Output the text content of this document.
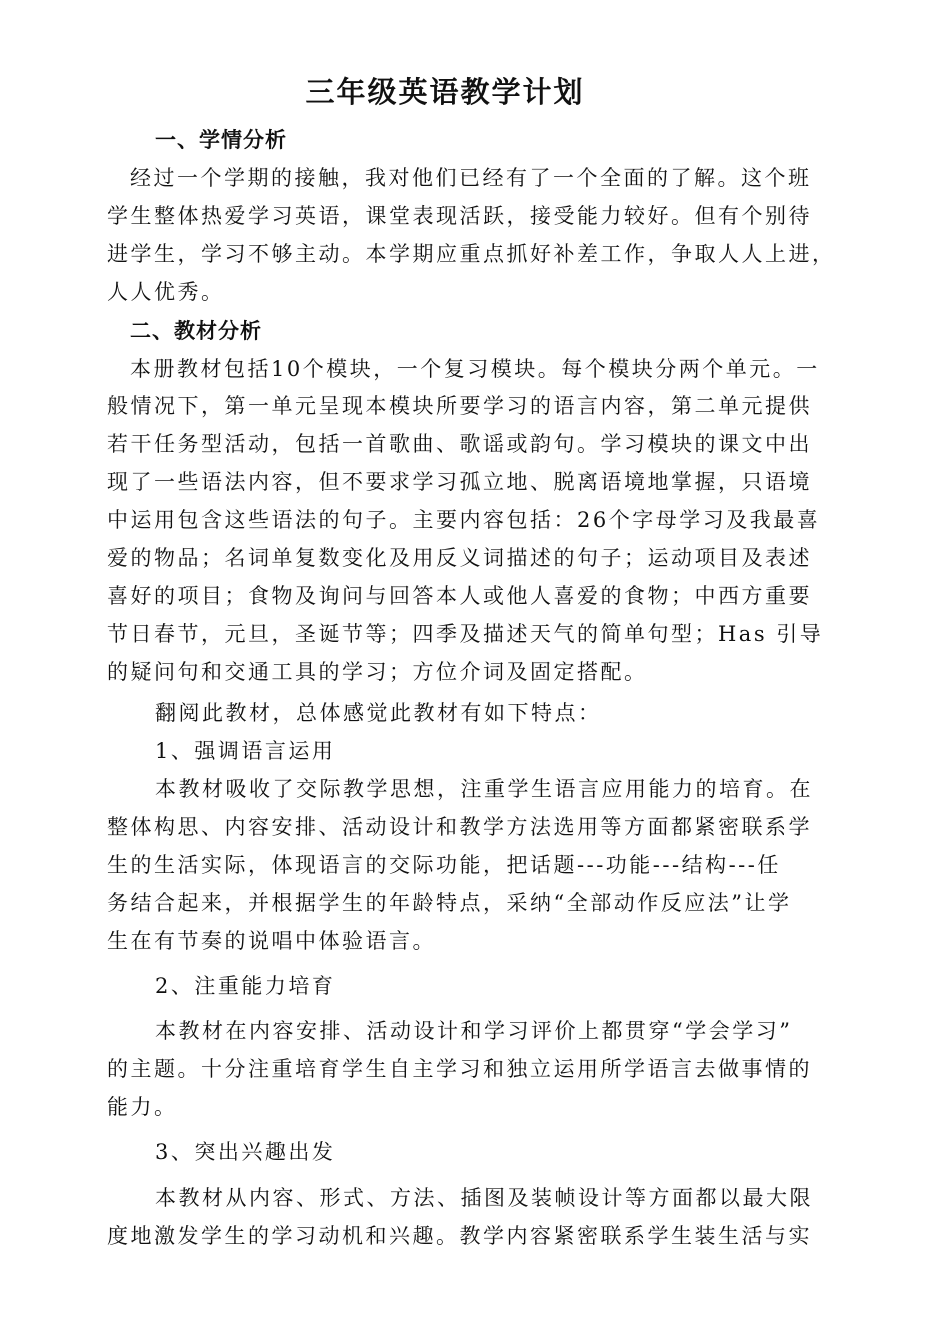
三年级英语教学计划
一、学情分析
经过一个学期的接触，我对他们已经有了一个全面的了解。这个班
学生整体热爱学习英语，课堂表现活跃，接受能力较好。但有个别待
进学生，学习不够主动。本学期应重点抓好补差工作，争取人人上进，
人人优秀。
二、教材分析
本册教材包括10个模块，一个复习模块。每个模块分两个单元。一
般情况下，第一单元呈现本模块所要学习的语言内容，第二单元提供
若干任务型活动，包括一首歌曲、歌谣或韵句。学习模块的课文中出
现了一些语法内容，但不要求学习孤立地、脱离语境地掌握，只语境
中运用包含这些语法的句子。主要内容包括：26个字母学习及我最喜
爱的物品；名词单复数变化及用反义词描述的句子；运动项目及表述
喜好的项目；食物及询问与回答本人或他人喜爱的食物；中西方重要
节日春节，元旦，圣诞节等；四季及描述天气的简单句型；Has 引导
的疑问句和交通工具的学习；方位介词及固定搭配。
翻阅此教材，总体感觉此教材有如下特点：
1、强调语言运用
本教材吸收了交际教学思想，注重学生语言应用能力的培育。在
整体构思、内容安排、活动设计和教学方法选用等方面都紧密联系学
生的生活实际，体现语言的交际功能，把话题---功能---结构---任
务结合起来，并根据学生的年龄特点，采纳“全部动作反应法”让学
生在有节奏的说唱中体验语言。
2、注重能力培育
本教材在内容安排、活动设计和学习评价上都贯穿“学会学习”
的主题。十分注重培育学生自主学习和独立运用所学语言去做事情的
能力。
3、突出兴趣出发
本教材从内容、形式、方法、插图及装帧设计等方面都以最大限
度地激发学生的学习动机和兴趣。教学内容紧密联系学生装生活与实
